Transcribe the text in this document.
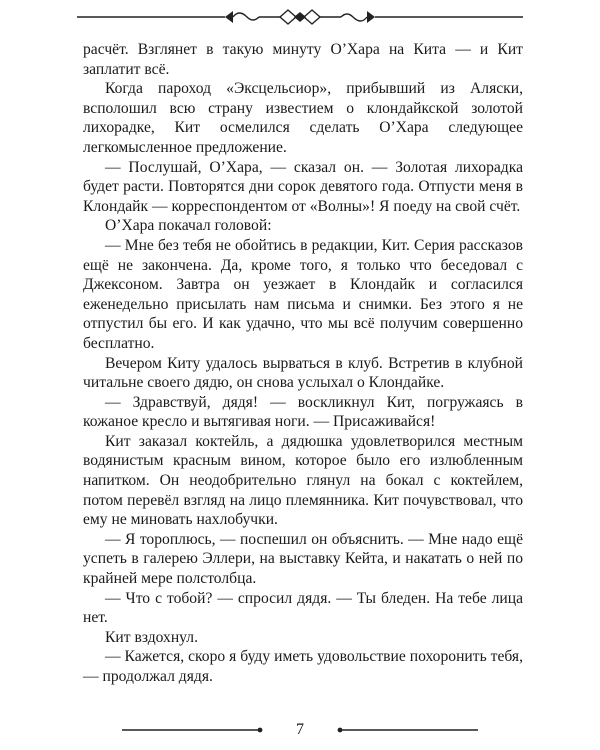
расчёт. Взглянет в такую минуту О’Хара на Кита — и Кит заплатит всё.

Когда пароход «Эксцельсиор», прибывший из Аляски, всполошил всю страну известием о клондайкской золотой лихорадке, Кит осмелился сделать О’Хара следующее легкомысленное предложение.

— Послушай, О’Хара, — сказал он. — Золотая лихорадка будет расти. Повторятся дни сорок девятого года. Отпусти меня в Клондайк — корреспондентом от «Волны»! Я поеду на свой счёт.

О’Хара покачал головой:

— Мне без тебя не обойтись в редакции, Кит. Серия рассказов ещё не закончена. Да, кроме того, я только что беседовал с Джексоном. Завтра он уезжает в Клондайк и согласился еженедельно присылать нам письма и снимки. Без этого я не отпустил бы его. И как удачно, что мы всё получим совершенно бесплатно.

Вечером Киту удалось вырваться в клуб. Встретив в клубной читальне своего дядю, он снова услыхал о Клондайке.

— Здравствуй, дядя! — воскликнул Кит, погружаясь в кожаное кресло и вытягивая ноги. — Присаживайся!

Кит заказал коктейль, а дядюшка удовлетворился местным водянистым красным вином, которое было его излюбленным напитком. Он неодобрительно глянул на бокал с коктейлем, потом перевёл взгляд на лицо племянника. Кит почувствовал, что ему не миновать нахлобучки.

— Я тороплюсь, — поспешил он объяснить. — Мне надо ещё успеть в галерею Эллери, на выставку Кейта, и накатать о ней по крайней мере полстолбца.

— Что с тобой? — спросил дядя. — Ты бледен. На тебе лица нет.

Кит вздохнул.

— Кажется, скоро я буду иметь удовольствие похоронить тебя, — продолжал дядя.

7
